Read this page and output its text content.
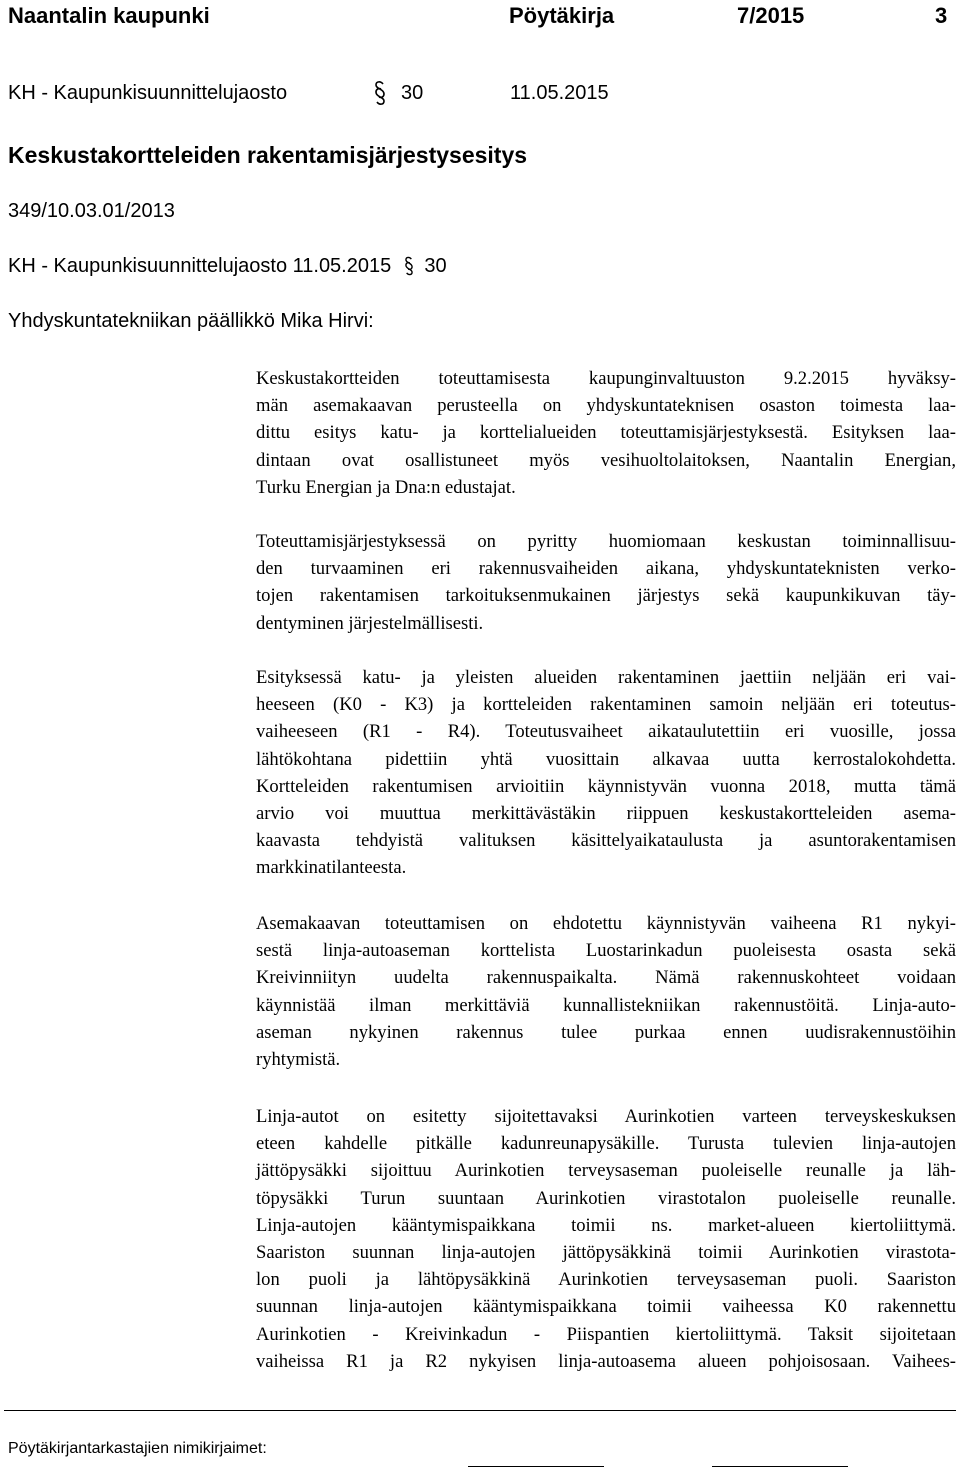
Naantalin kaupunki	Pöytäkirja	7/2015	3
KH - Kaupunkisuunnittelujaosto	30	11.05.2015
Keskustakortteleiden rakentamisjärjestysesitys
349/10.03.01/2013
KH - Kaupunkisuunnittelujaosto 11.05.2015 30
Yhdyskuntatekniikan päällikkö Mika Hirvi:
Keskustakortteiden toteuttamisesta kaupunginvaltuuston 9.2.2015 hyväksy-
män asemakaavan perusteella on yhdyskuntateknisen osaston toimesta laa-
dittu esitys katu- ja korttelialueiden toteuttamisjärjestyksestä. Esityksen laa-
dintaan ovat osallistuneet myös vesihuoltolaitoksen, Naantalin Energian,
Turku Energian ja Dna:n edustajat.
Toteuttamisjärjestyksessä on pyritty huomiomaan keskustan toiminnallisuu-
den turvaaminen eri rakennusvaiheiden aikana, yhdyskuntateknisten verko-
tojen rakentamisen tarkoituksenmukainen järjestys sekä kaupunkikuvan täy-
dentyminen järjestelmällisesti.
Esityksessä katu- ja yleisten alueiden rakentaminen jaettiin neljään eri vai-
heeseen (K0 - K3) ja kortteleiden rakentaminen samoin neljään eri toteutus-
vaiheeseen (R1 - R4). Toteutusvaiheet aikataulutettiin eri vuosille, jossa
lähtökohtana pidettiin yhtä vuosittain alkavaa uutta kerrostalokohdetta.
Kortteleiden rakentumisen arvioitiin käynnistyvän vuonna 2018, mutta tämä
arvio voi muuttua merkittävästäkin riippuen keskustakortteleiden asema-
kaavasta tehdyistä valituksen käsittelyaikataulusta ja asuntorakentamisen
markkinatilanteesta.
Asemakaavan toteuttamisen on ehdotettu käynnistyvän vaiheena R1 nykyi-
sestä linja-autoaseman korttelista Luostarinkadun puoleisesta osasta sekä
Kreivinniityn uudelta rakennuspaikalta. Nämä rakennuskohteet voidaan
käynnistää ilman merkittäviä kunnallistekniikan rakennustöitä. Linja-auto-
aseman nykyinen rakennus tulee purkaa ennen uudisrakennustöihin
ryhtymistä.
Linja-autot on esitetty sijoitettavaksi Aurinkotien varteen terveyskeskuksen
eteen kahdelle pitkälle kadunreunapysäkille. Turusta tulevien linja-autojen
jättöpysäkki sijoittuu Aurinkotien terveysaseman puoleiselle reunalle ja läh-
töpysäkki Turun suuntaan Aurinkotien virastotalon puoleiselle reunalle.
Linja-autojen kääntymispaikkana toimii ns. market-alueen kiertoliittymä.
Saariston suunnan linja-autojen jättöpysäkkinä toimii Aurinkotien virastota-
lon puoli ja lähtöpysäkkinä Aurinkotien terveysaseman puoli. Saariston
suunnan linja-autojen kääntymispaikkana toimii vaiheessa K0 rakennettu
Aurinkotien - Kreivinkadun - Piispantien kiertoliittymä. Taksit sijoitetaan
vaiheissa R1 ja R2 nykyisen linja-autoasema alueen pohjoisosaan. Vaihees-
Pöytäkirjantarkastajien nimikirjaimet:
